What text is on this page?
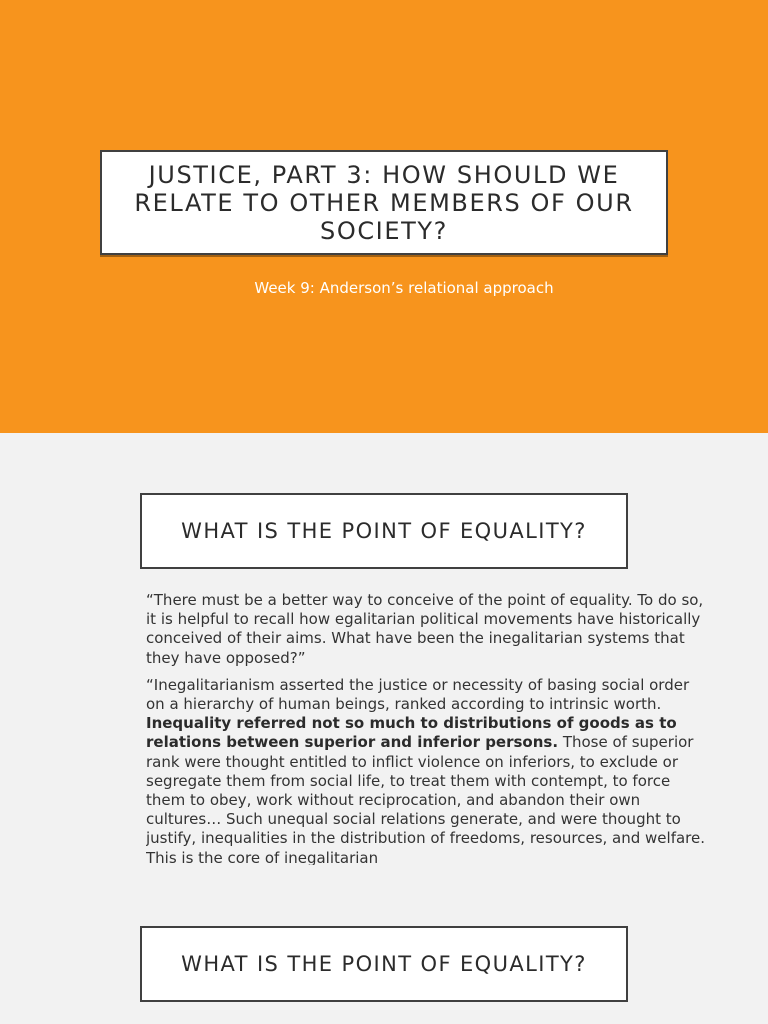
JUSTICE, PART 3: HOW SHOULD WE RELATE TO OTHER MEMBERS OF OUR SOCIETY?
Week 9: Anderson’s relational approach
WHAT IS THE POINT OF EQUALITY?

“There must be a better way to conceive of the point of equality. To do so, it is helpful to recall how egalitarian political movements have historically conceived of their aims. What have been the inegalitarian systems that they have opposed?”

“Inegalitarianism asserted the justice or necessity of basing social order on a hierarchy of human beings, ranked according to intrinsic worth. Inequality referred not so much to distributions of goods as to relations between superior and inferior persons. Those of superior rank were thought entitled to inflict violence on inferiors, to exclude or segregate them from social life, to treat them with contempt, to force them to obey, work without reciprocation, and abandon their own cultures… Such unequal social relations generate, and were thought to justify, inequalities in the distribution of freedoms, resources, and welfare. This is the core of inegalitarian

WHAT IS THE POINT OF EQUALITY?
